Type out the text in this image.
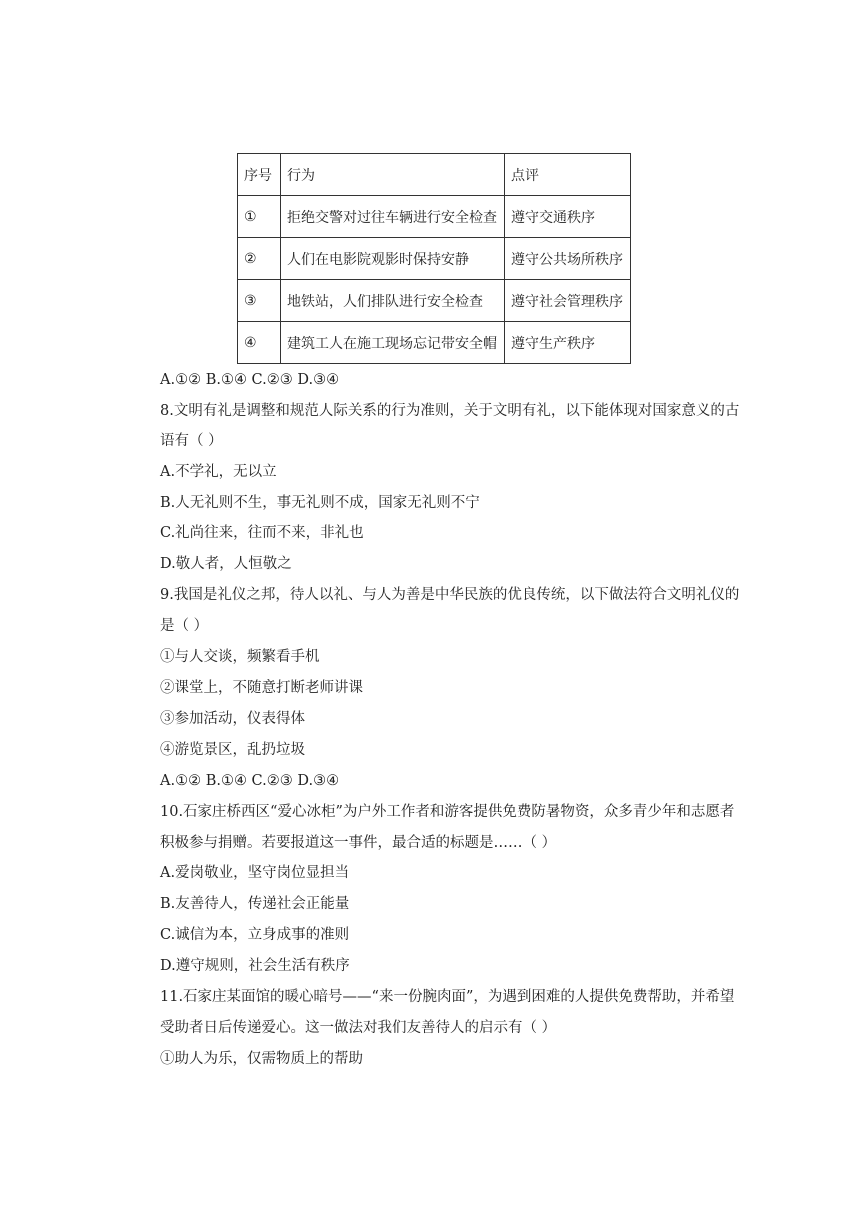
序号	行为	点评
①	拒绝交警对过往车辆进行安全检查	遵守交通秩序
②	人们在电影院观影时保持安静	遵守公共场所秩序
③	地铁站，人们排队进行安全检查	遵守社会管理秩序
④	建筑工人在施工现场忘记带安全帽	遵守生产秩序
A.①② B.①④ C.②③ D.③④
8.文明有礼是调整和规范人际关系的行为准则，关于文明有礼，以下能体现对国家意义的古
语有（ ）
A.不学礼，无以立
B.人无礼则不生，事无礼则不成，国家无礼则不宁
C.礼尚往来，往而不来，非礼也
D.敬人者，人恒敬之
9.我国是礼仪之邦，待人以礼、与人为善是中华民族的优良传统，以下做法符合文明礼仪的
是（ ）
①与人交谈，频繁看手机
②课堂上，不随意打断老师讲课
③参加活动，仪表得体
④游览景区，乱扔垃圾
A.①② B.①④ C.②③ D.③④
10.石家庄桥西区“爱心冰柜”为户外工作者和游客提供免费防暑物资，众多青少年和志愿者
积极参与捐赠。若要报道这一事件，最合适的标题是……（ ）
A.爱岗敬业，坚守岗位显担当
B.友善待人，传递社会正能量
C.诚信为本，立身成事的准则
D.遵守规则，社会生活有秩序
11.石家庄某面馆的暖心暗号——“来一份腕肉面”，为遇到困难的人提供免费帮助，并希望
受助者日后传递爱心。这一做法对我们友善待人的启示有（ ）
①助人为乐，仅需物质上的帮助
